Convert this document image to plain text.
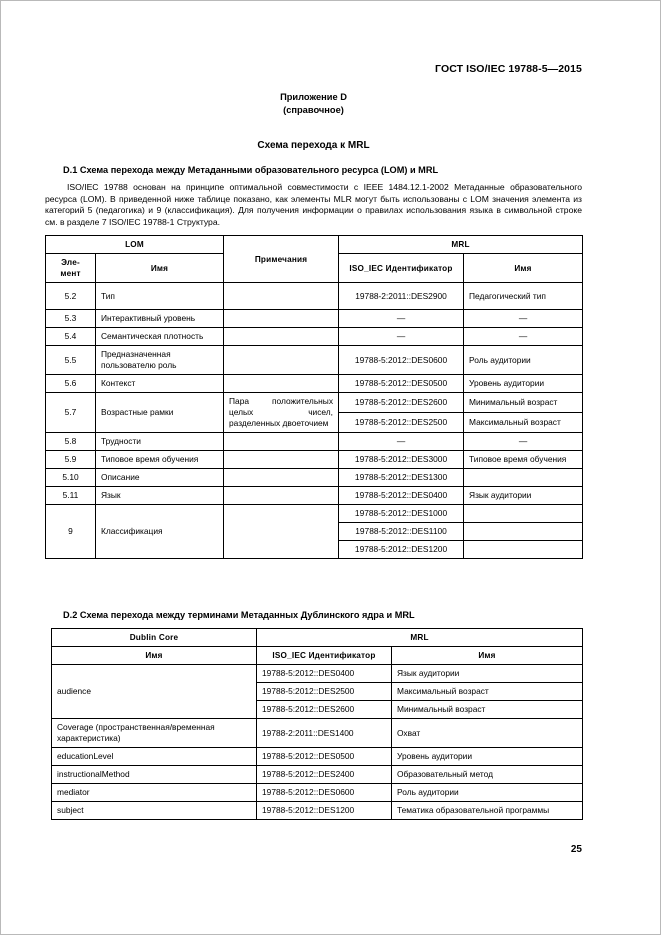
ГОСТ ISO/IEC 19788-5—2015
Приложение D
(справочное)
Схема перехода к MRL
D.1 Схема перехода между Метаданными образовательного ресурса (LOM) и MRL
ISO/IEC 19788 основан на принципе оптимальной совместимости с IEEE 1484.12.1-2002 Метаданные образовательного ресурса (LOM). В приведенной ниже таблице показано, как элементы MLR могут быть использованы с LOM значения элемента из категорий 5 (педагогика) и 9 (классификация). Для получения информации о правилах использования языка в символьной строке см. в разделе 7 ISO/IEC 19788-1 Структура.
LOM		Примечания	MRL	
Эле-
мент	Имя		ISO_IEC Идентификатор	Имя
5.2	Тип		19788-2:2011::DES2900	Педагогический тип
5.3	Интерактивный уровень		—	—
5.4	Семантическая плотность		—	—
5.5	Предназначенная пользователю роль		19788-5:2012::DES0600	Роль аудитории
5.6	Контекст		19788-5:2012::DES0500	Уровень аудитории
5.7	Возрастные рамки	Пара положительных целых чисел, разделенных двоеточием	19788-5:2012::DES2600	Минимальный возраст
			19788-5:2012::DES2500	Максимальный возраст
5.8	Трудности		—	—
5.9	Типовое время обучения		19788-5:2012::DES3000	Типовое время обучения
5.10	Описание		19788-5:2012::DES1300	
5.11	Язык		19788-5:2012::DES0400	Язык аудитории
9	Классификация		19788-5:2012::DES1000	
			19788-5:2012::DES1100	
			19788-5:2012::DES1200	
D.2 Схема перехода между терминами Метаданных Дублинского ядра и MRL
Dublin Core	MRL	
Имя	ISO_IEC Идентификатор	Имя
audience	19788-5:2012::DES0400	Язык аудитории
	19788-5:2012::DES2500	Максимальный возраст
	19788-5:2012::DES2600	Минимальный возраст
Coverage (пространственная/временная характеристика)	19788-2:2011::DES1400	Охват
educationLevel	19788-5:2012::DES0500	Уровень аудитории
instructionalMethod	19788-5:2012::DES2400	Образовательный метод
mediator	19788-5:2012::DES0600	Роль аудитории
subject	19788-5:2012::DES1200	Тематика образовательной программы
25
